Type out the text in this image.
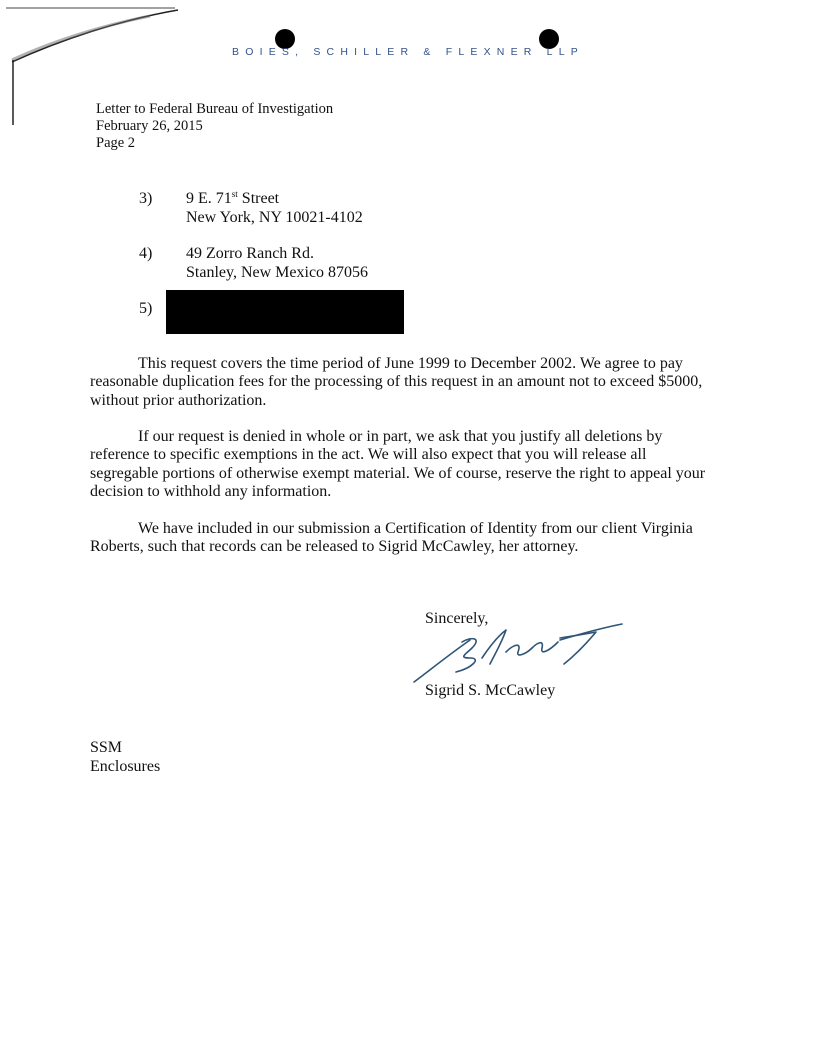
BOIES, SCHILLER & FLEXNER LLP
Letter to Federal Bureau of Investigation
February 26, 2015
Page 2
3) 9 E. 71st Street
New York, NY 10021-4102
4) 49 Zorro Ranch Rd.
Stanley, New Mexico 87056
5)

This request covers the time period of June 1999 to December 2002. We agree to pay
reasonable duplication fees for the processing of this request in an amount not to exceed $5000,
without prior authorization.

If our request is denied in whole or in part, we ask that you justify all deletions by
reference to specific exemptions in the act. We will also expect that you will release all
segregable portions of otherwise exempt material. We of course, reserve the right to appeal your
decision to withhold any information.

We have included in our submission a Certification of Identity from our client Virginia
Roberts, such that records can be released to Sigrid McCawley, her attorney.

Sincerely,
Sigrid S. McCawley
SSM
Enclosures
